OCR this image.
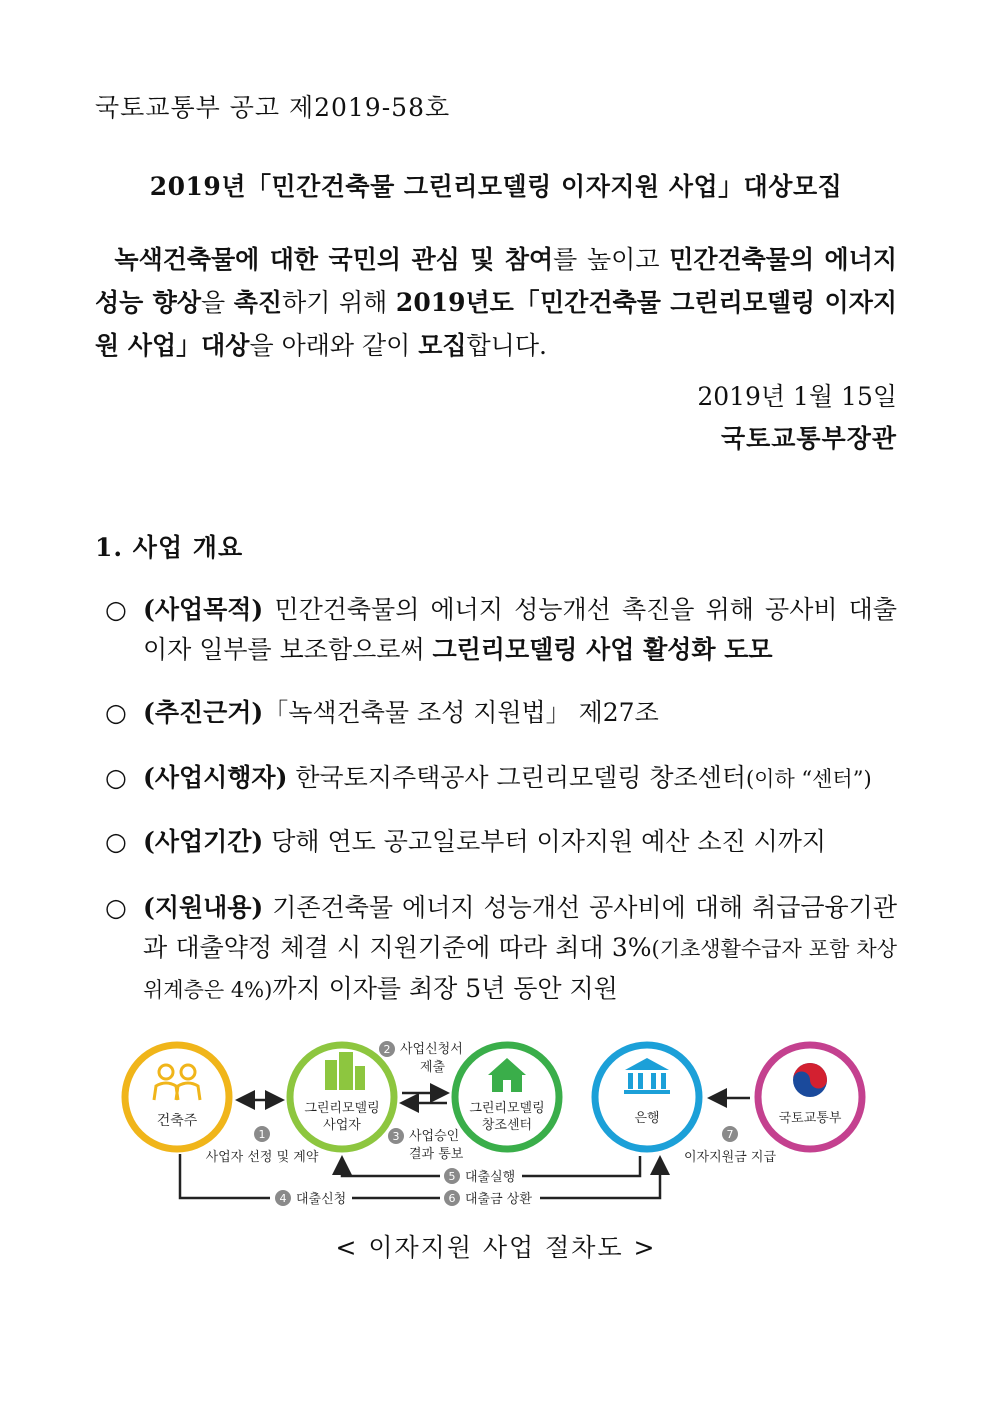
국토교통부 공고 제2019-58호
2019년「민간건축물 그린리모델링 이자지원 사업」대상모집
녹색건축물에 대한 국민의 관심 및 참여를 높이고 민간건축물의 에너지성능 향상을 촉진하기 위해 2019년도「민간건축물 그린리모델링 이자지원 사업」대상을 아래와 같이 모집합니다.
2019년 1월 15일
국토교통부장관
1. 사업 개요
○ (사업목적) 민간건축물의 에너지 성능개선 촉진을 위해 공사비 대출 이자 일부를 보조함으로써 그린리모델링 사업 활성화 도모
○ (추진근거)「녹색건축물 조성 지원법」 제27조
○ (사업시행자) 한국토지주택공사 그린리모델링 창조센터(이하 “센터”)
○ (사업기간) 당해 연도 공고일로부터 이자지원 예산 소진 시까지
○ (지원내용) 기존건축물 에너지 성능개선 공사비에 대해 취급금융기관과 대출약정 체결 시 지원기준에 따라 최대 3%(기초생활수급자 포함 차상위계층은 4%)까지 이자를 최장 5년 동안 지원
건축주
그린리모델링
사업자
2 사업신청서
제출
그린리모델링
창조센터
3 사업승인
결과 통보
은행	국토교통부
1
사업자 선정 및 계약
7
이자지원금 지급
5 대출실행
4 대출신청	6 대출금 상환
< 이자지원 사업 절차도 >
